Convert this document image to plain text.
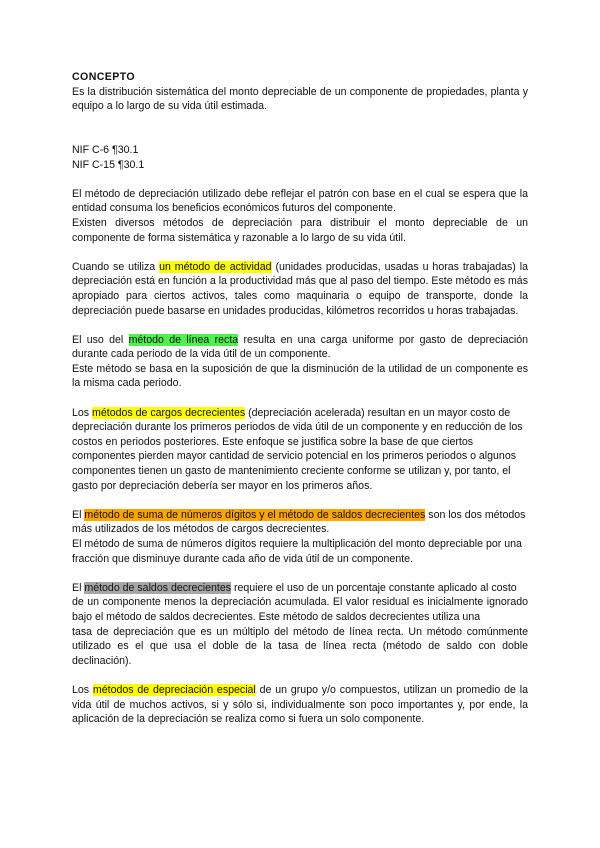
CONCEPTO

Es la distribución sistemática del monto depreciable de un componente de propiedades, planta y equipo a lo largo de su vida útil estimada.

NIF C-6 ¶30.1

NIF C-15 ¶30.1

El método de depreciación utilizado debe reflejar el patrón con base en el cual se espera que la entidad consuma los beneficios económicos futuros del componente.

Existen diversos métodos de depreciación para distribuir el monto depreciable de un componente de forma sistemática y razonable a lo largo de su vida útil.

Cuando se utiliza un método de actividad (unidades producidas, usadas u horas trabajadas) la depreciación está en función a la productividad más que al paso del tiempo. Este método es más apropiado para ciertos activos, tales como maquinaria o equipo de transporte, donde la depreciación puede basarse en unidades producidas, kilómetros recorridos u horas trabajadas.

El uso del método de línea recta resulta en una carga uniforme por gasto de depreciación durante cada periodo de la vida útil de un componente.

Este método se basa en la suposición de que la disminución de la utilidad de un componente es la misma cada periodo.

Los métodos de cargos decrecientes (depreciación acelerada) resultan en un mayor costo de depreciación durante los primeros periodos de vida útil de un componente y en reducción de los costos en periodos posteriores. Este enfoque se justifica sobre la base de que ciertos componentes pierden mayor cantidad de servicio potencial en los primeros periodos o algunos componentes tienen un gasto de mantenimiento creciente conforme se utilizan y, por tanto, el gasto por depreciación debería ser mayor en los primeros años.

El método de suma de números dígitos y el método de saldos decrecientes son los dos métodos más utilizados de los métodos de cargos decrecientes.

El método de suma de números dígitos requiere la multiplicación del monto depreciable por una fracción que disminuye durante cada año de vida útil de un componente.

El método de saldos decrecientes requiere el uso de un porcentaje constante aplicado al costo

de un componente menos la depreciación acumulada. El valor residual es inicialmente ignorado bajo el método de saldos decrecientes. Este método de saldos decrecientes utiliza una

tasa de depreciación que es un múltiplo del método de línea recta. Un método comúnmente utilizado es el que usa el doble de la tasa de línea recta (método de saldo con doble declinación).

Los métodos de depreciación especial de un grupo y/o compuestos, utilizan un promedio de la vida útil de muchos activos, si y sólo si, individualmente son poco importantes y, por ende, la aplicación de la depreciación se realiza como si fuera un solo componente.
